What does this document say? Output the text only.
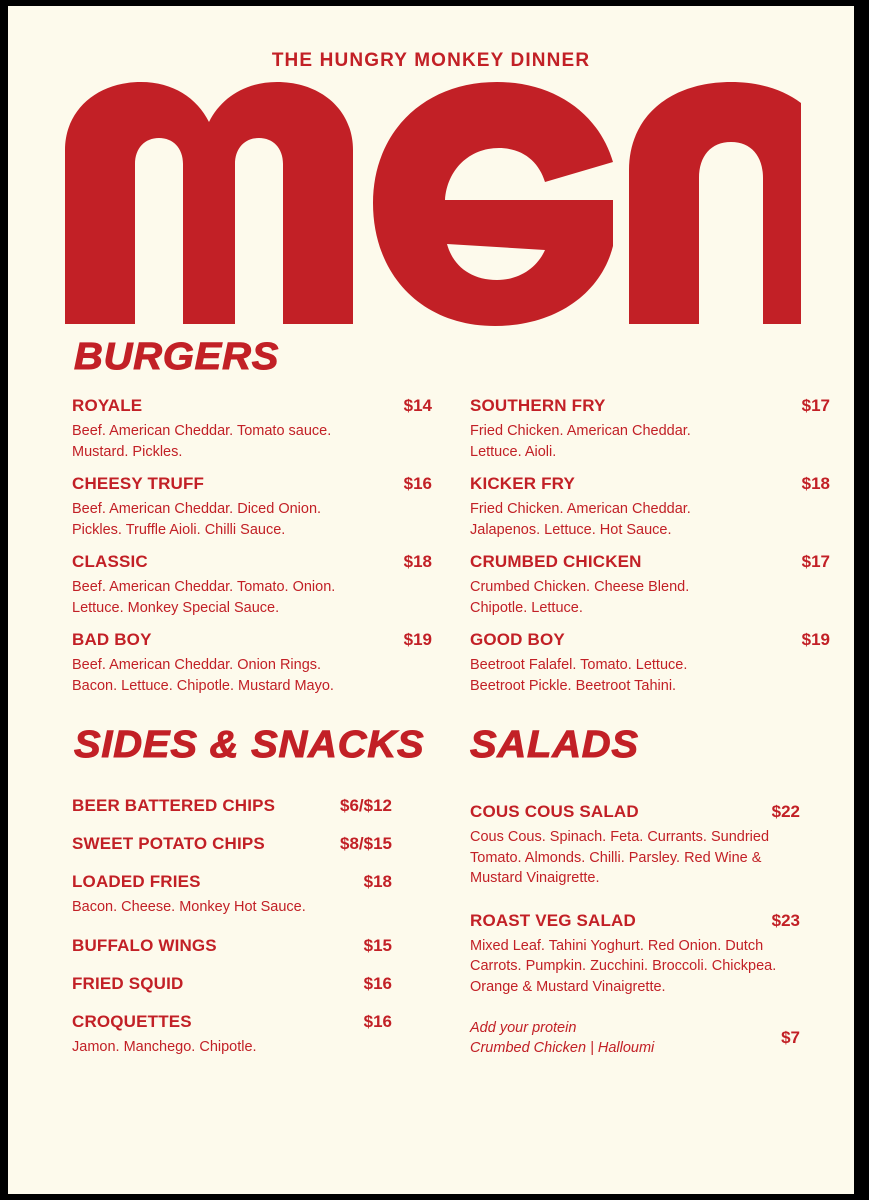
THE HUNGRY MONKEY DINNER
BURGERS
ROYALE	$14
Beef. American Cheddar. Tomato sauce. Mustard. Pickles.
CHEESY TRUFF	$16
Beef. American Cheddar. Diced Onion. Pickles. Truffle Aioli. Chilli Sauce.
CLASSIC	$18
Beef. American Cheddar. Tomato. Onion. Lettuce. Monkey Special Sauce.
BAD BOY	$19
Beef. American Cheddar. Onion Rings. Bacon. Lettuce. Chipotle. Mustard Mayo.
SOUTHERN FRY	$17
Fried Chicken. American Cheddar. Lettuce. Aioli.
KICKER FRY	$18
Fried Chicken. American Cheddar. Jalapenos. Lettuce. Hot Sauce.
CRUMBED CHICKEN	$17
Crumbed Chicken. Cheese Blend. Chipotle. Lettuce.
GOOD BOY	$19
Beetroot Falafel. Tomato. Lettuce. Beetroot Pickle. Beetroot Tahini.
SIDES & SNACKS SALADS
BEER BATTERED CHIPS	$6/$12
SWEET POTATO CHIPS	$8/$15
LOADED FRIES	$18
Bacon. Cheese. Monkey Hot Sauce.
BUFFALO WINGS	$15
FRIED SQUID	$16
CROQUETTES	$16
Jamon. Manchego. Chipotle.
COUS COUS SALAD	$22
Cous Cous. Spinach. Feta. Currants. Sundried Tomato. Almonds. Chilli. Parsley. Red Wine & Mustard Vinaigrette.
ROAST VEG SALAD	$23
Mixed Leaf. Tahini Yoghurt. Red Onion. Dutch Carrots. Pumpkin. Zucchini. Broccoli. Chickpea. Orange & Mustard Vinaigrette.
Add your protein
Crumbed Chicken | Halloumi
$7
